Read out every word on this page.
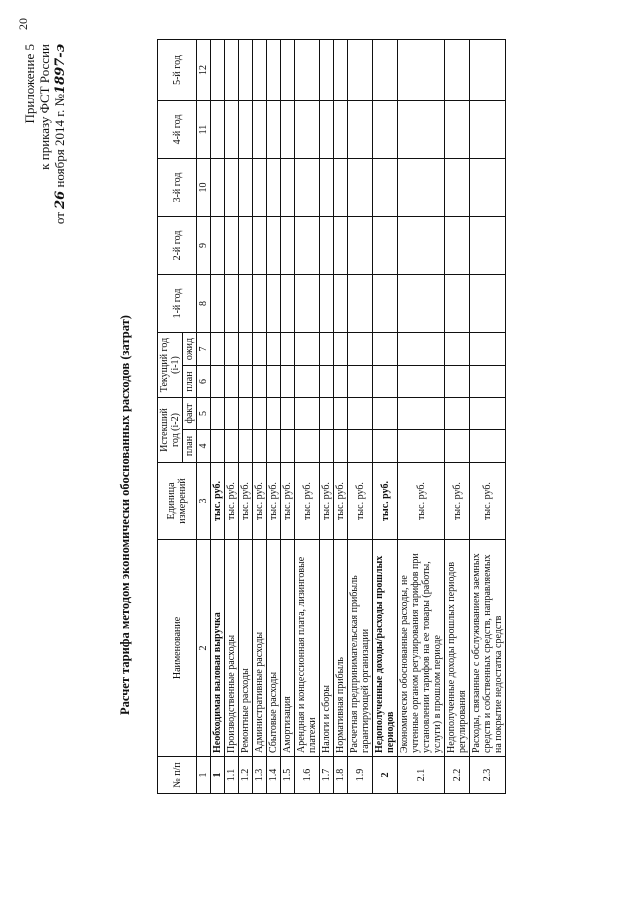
20
Приложение 5 к приказу ФСТ России
от 26 ноября 2014 г. №1897-э
Расчет тарифа методом экономически обоснованных расходов (затрат)
№ п/п	Наименование	Единица измерений	Истекший год (i-2)		Текущий год (i-1)		1-й год	2-й год	3-й год	4-й год	5-й год
			план	факт	план	ожид					
1	2	3	4	5	6	7	8	9	10	11	12
1	Необходимая валовая выручка	тыс. руб.									
1.1	Производственные расходы	тыс. руб.									
1.2	Ремонтные расходы	тыс. руб.									
1.3	Административные расходы	тыс. руб.									
1.4	Сбытовые расходы	тыс. руб.									
1.5	Амортизация	тыс. руб.									
1.6	Арендная и концессионная плата, лизинговые платежи	тыс. руб.									
1.7	Налоги и сборы	тыс. руб.									
1.8	Нормативная прибыль	тыс. руб.									
1.9	Расчетная предпринимательская прибыль гарантирующей организации	тыс. руб.									
2	Недополученные доходы/расходы прошлых периодов	тыс. руб.									
2.1	Экономически обоснованные расходы, не учтенные органом регулирования тарифов при установлении тарифов на ее товары (работы, услуги) в прошлом периоде	тыс. руб.									
2.2	Недополученные доходы прошлых периодов регулирования	тыс. руб.									
2.3	Расходы, связанные с обслуживанием заемных средств и собственных средств, направляемых на покрытие недостатка средств	тыс. руб.									
